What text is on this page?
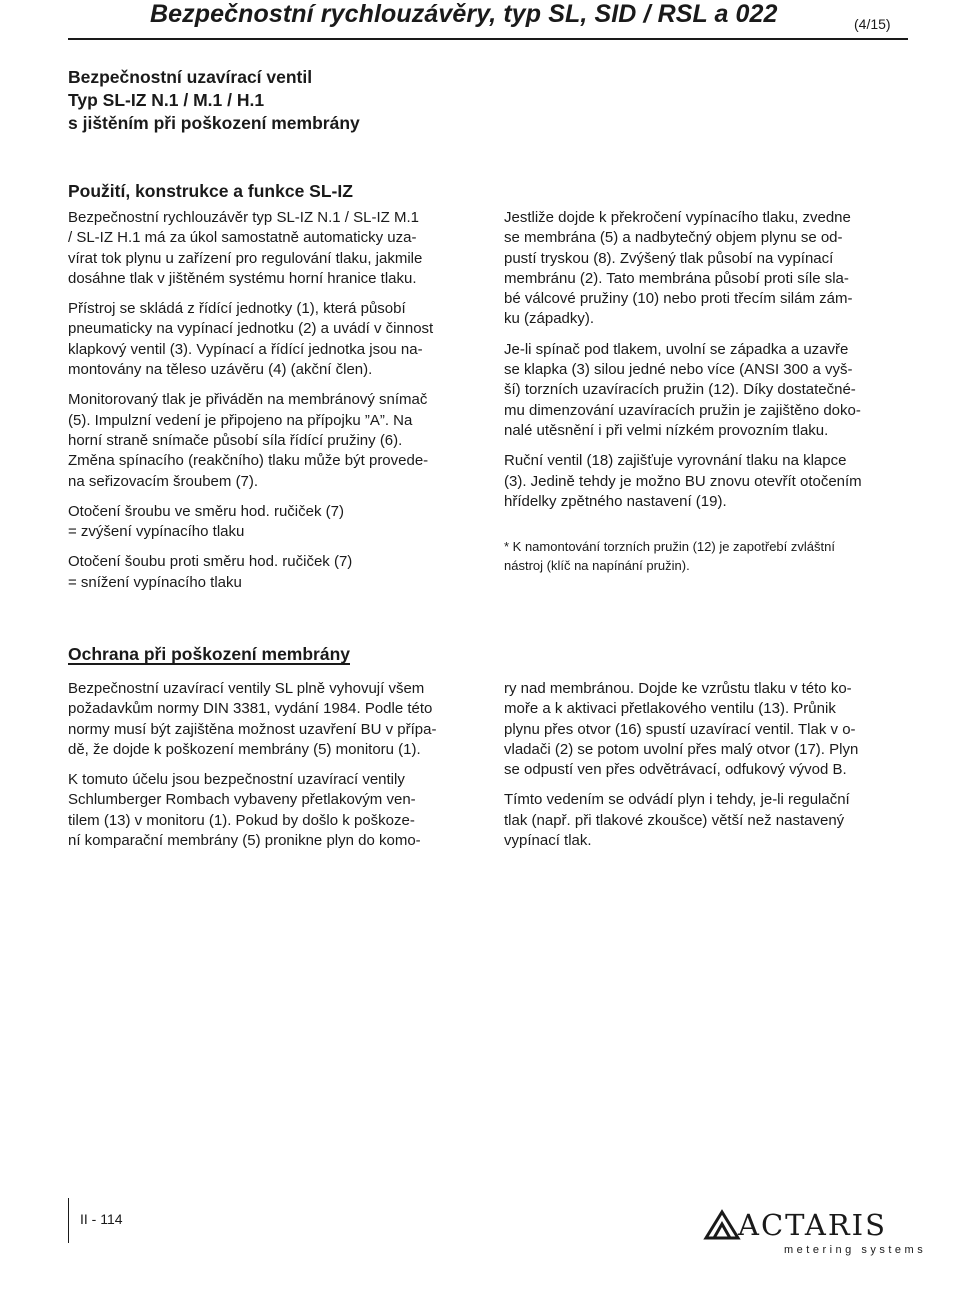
Bezpečnostní rychlouzávěry, typ SL, SID / RSL a 022	(4/15)
Bezpečnostní uzavírací ventil
Typ SL-IZ N.1 / M.1 / H.1
s jištěním při poškození membrány
Použití, konstrukce a funkce SL-IZ

Bezpečnostní rychlouzávěr typ SL-IZ N.1 / SL-IZ M.1
/ SL-IZ H.1 má za úkol samostatně automaticky uza-
vírat tok plynu u zařízení pro regulování tlaku, jakmile
dosáhne tlak v jištěném systému horní hranice tlaku.

Přístroj se skládá z řídící jednotky (1), která působí
pneumaticky na vypínací jednotku (2) a uvádí v činnost
klapkový ventil (3). Vypínací a řídící jednotka jsou na-
montovány na těleso uzávěru (4) (akční člen).

Monitorovaný tlak je přiváděn na membránový snímač
(5). Impulzní vedení je připojeno na přípojku ”A”. Na
horní straně snímače působí síla řídící pružiny (6).
Změna spínacího (reakčního) tlaku může být provede-
na seřizovacím šroubem (7).

Otočení šroubu ve směru hod. ručiček (7)
= zvýšení vypínacího tlaku

Otočení šoubu proti směru hod. ručiček (7)
= snížení vypínacího tlaku

Jestliže dojde k překročení vypínacího tlaku, zvedne
se membrána (5) a nadbytečný objem plynu se od-
pustí tryskou (8). Zvýšený tlak působí na vypínací
membránu (2). Tato membrána působí proti síle sla-
bé válcové pružiny (10) nebo proti třecím silám zám-
ku (západky).

Je-li spínač pod tlakem, uvolní se západka a uzavře
se klapka (3) silou jedné nebo více (ANSI 300 a vyš-
ší) torzních uzavíracích pružin (12). Díky dostatečné-
mu dimenzování uzavíracích pružin je zajištěno doko-
nalé utěsnění i při velmi nízkém provozním tlaku.

Ruční ventil (18) zajišťuje vyrovnání tlaku na klapce
(3). Jedině tehdy je možno BU znovu otevřít otočením
hřídelky zpětného nastavení (19).

* K namontování torzních pružin (12) je zapotřebí zvláštní
nástroj (klíč na napínání pružin).
Ochrana při poškození membrány

Bezpečnostní uzavírací ventily SL plně vyhovují všem
požadavkům normy DIN 3381, vydání 1984. Podle této
normy musí být zajištěna možnost uzavření BU v přípa-
dě, že dojde k poškození membrány (5) monitoru (1).

K tomuto účelu jsou bezpečnostní uzavírací ventily
Schlumberger Rombach vybaveny přetlakovým ven-
tilem (13) v monitoru (1). Pokud by došlo k poškoze-
ní komparační membrány (5) pronikne plyn do komo-

ry nad membránou. Dojde ke vzrůstu tlaku v této ko-
moře a k aktivaci přetlakového ventilu (13). Průnik
plynu přes otvor (16) spustí uzavírací ventil. Tlak v o-
vladači (2) se potom uvolní přes malý otvor (17). Plyn
se odpustí ven přes odvětrávací, odfukový vývod B.

Tímto vedením se odvádí plyn i tehdy, je-li regulační
tlak (např. při tlakové zkoušce) větší než nastavený
vypínací tlak.

II - 114	ACTARIS
metering systems
